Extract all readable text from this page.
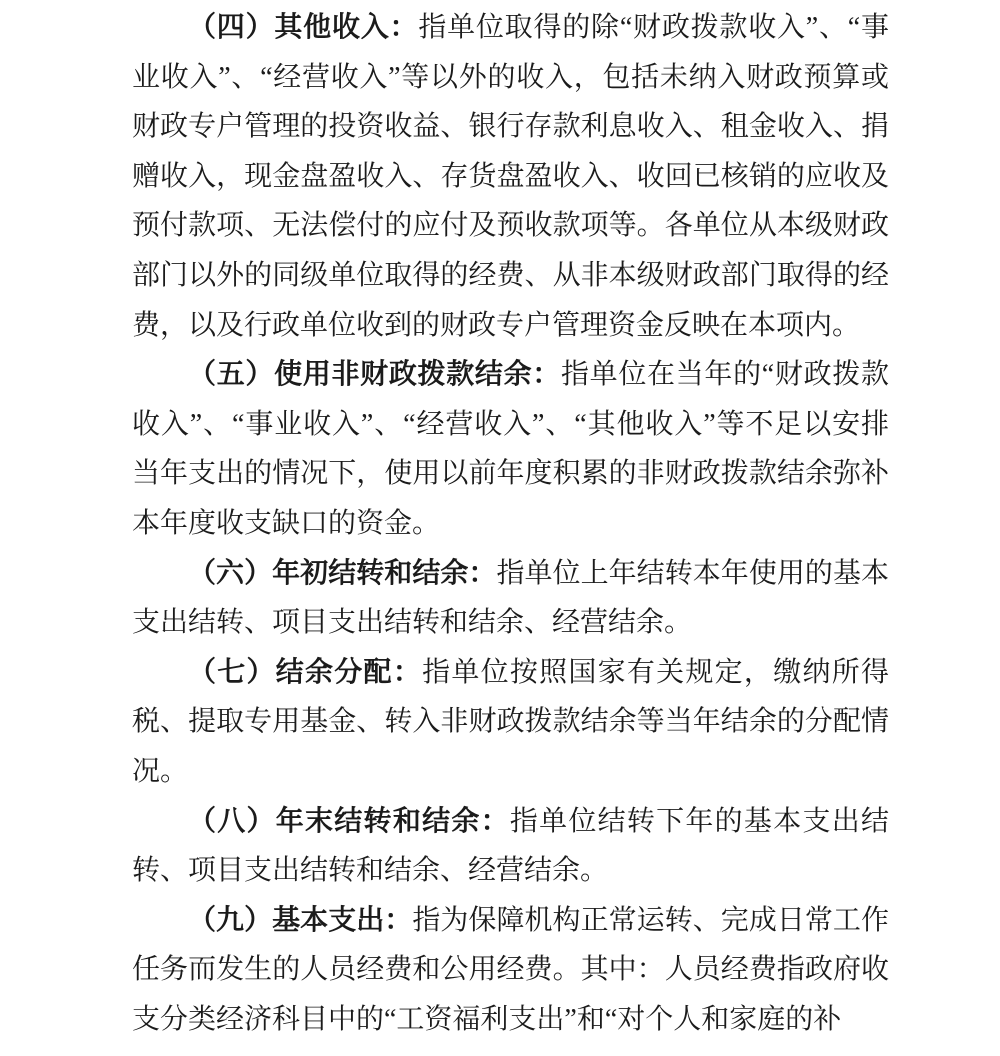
（四）其他收入：指单位取得的除“财政拨款收入”、“事业收入”、“经营收入”等以外的收入，包括未纳入财政预算或财政专户管理的投资收益、银行存款利息收入、租金收入、捐赠收入，现金盘盈收入、存货盘盈收入、收回已核销的应收及预付款项、无法偿付的应付及预收款项等。各单位从本级财政部门以外的同级单位取得的经费、从非本级财政部门取得的经费，以及行政单位收到的财政专户管理资金反映在本项内。

（五）使用非财政拨款结余：指单位在当年的“财政拨款收入”、“事业收入”、“经营收入”、“其他收入”等不足以安排当年支出的情况下，使用以前年度积累的非财政拨款结余弥补本年度收支缺口的资金。

（六）年初结转和结余：指单位上年结转本年使用的基本支出结转、项目支出结转和结余、经营结余。

（七）结余分配：指单位按照国家有关规定，缴纳所得税、提取专用基金、转入非财政拨款结余等当年结余的分配情况。

（八）年末结转和结余：指单位结转下年的基本支出结转、项目支出结转和结余、经营结余。

（九）基本支出：指为保障机构正常运转、完成日常工作任务而发生的人员经费和公用经费。其中：人员经费指政府收支分类经济科目中的“工资福利支出”和“对个人和家庭的补
